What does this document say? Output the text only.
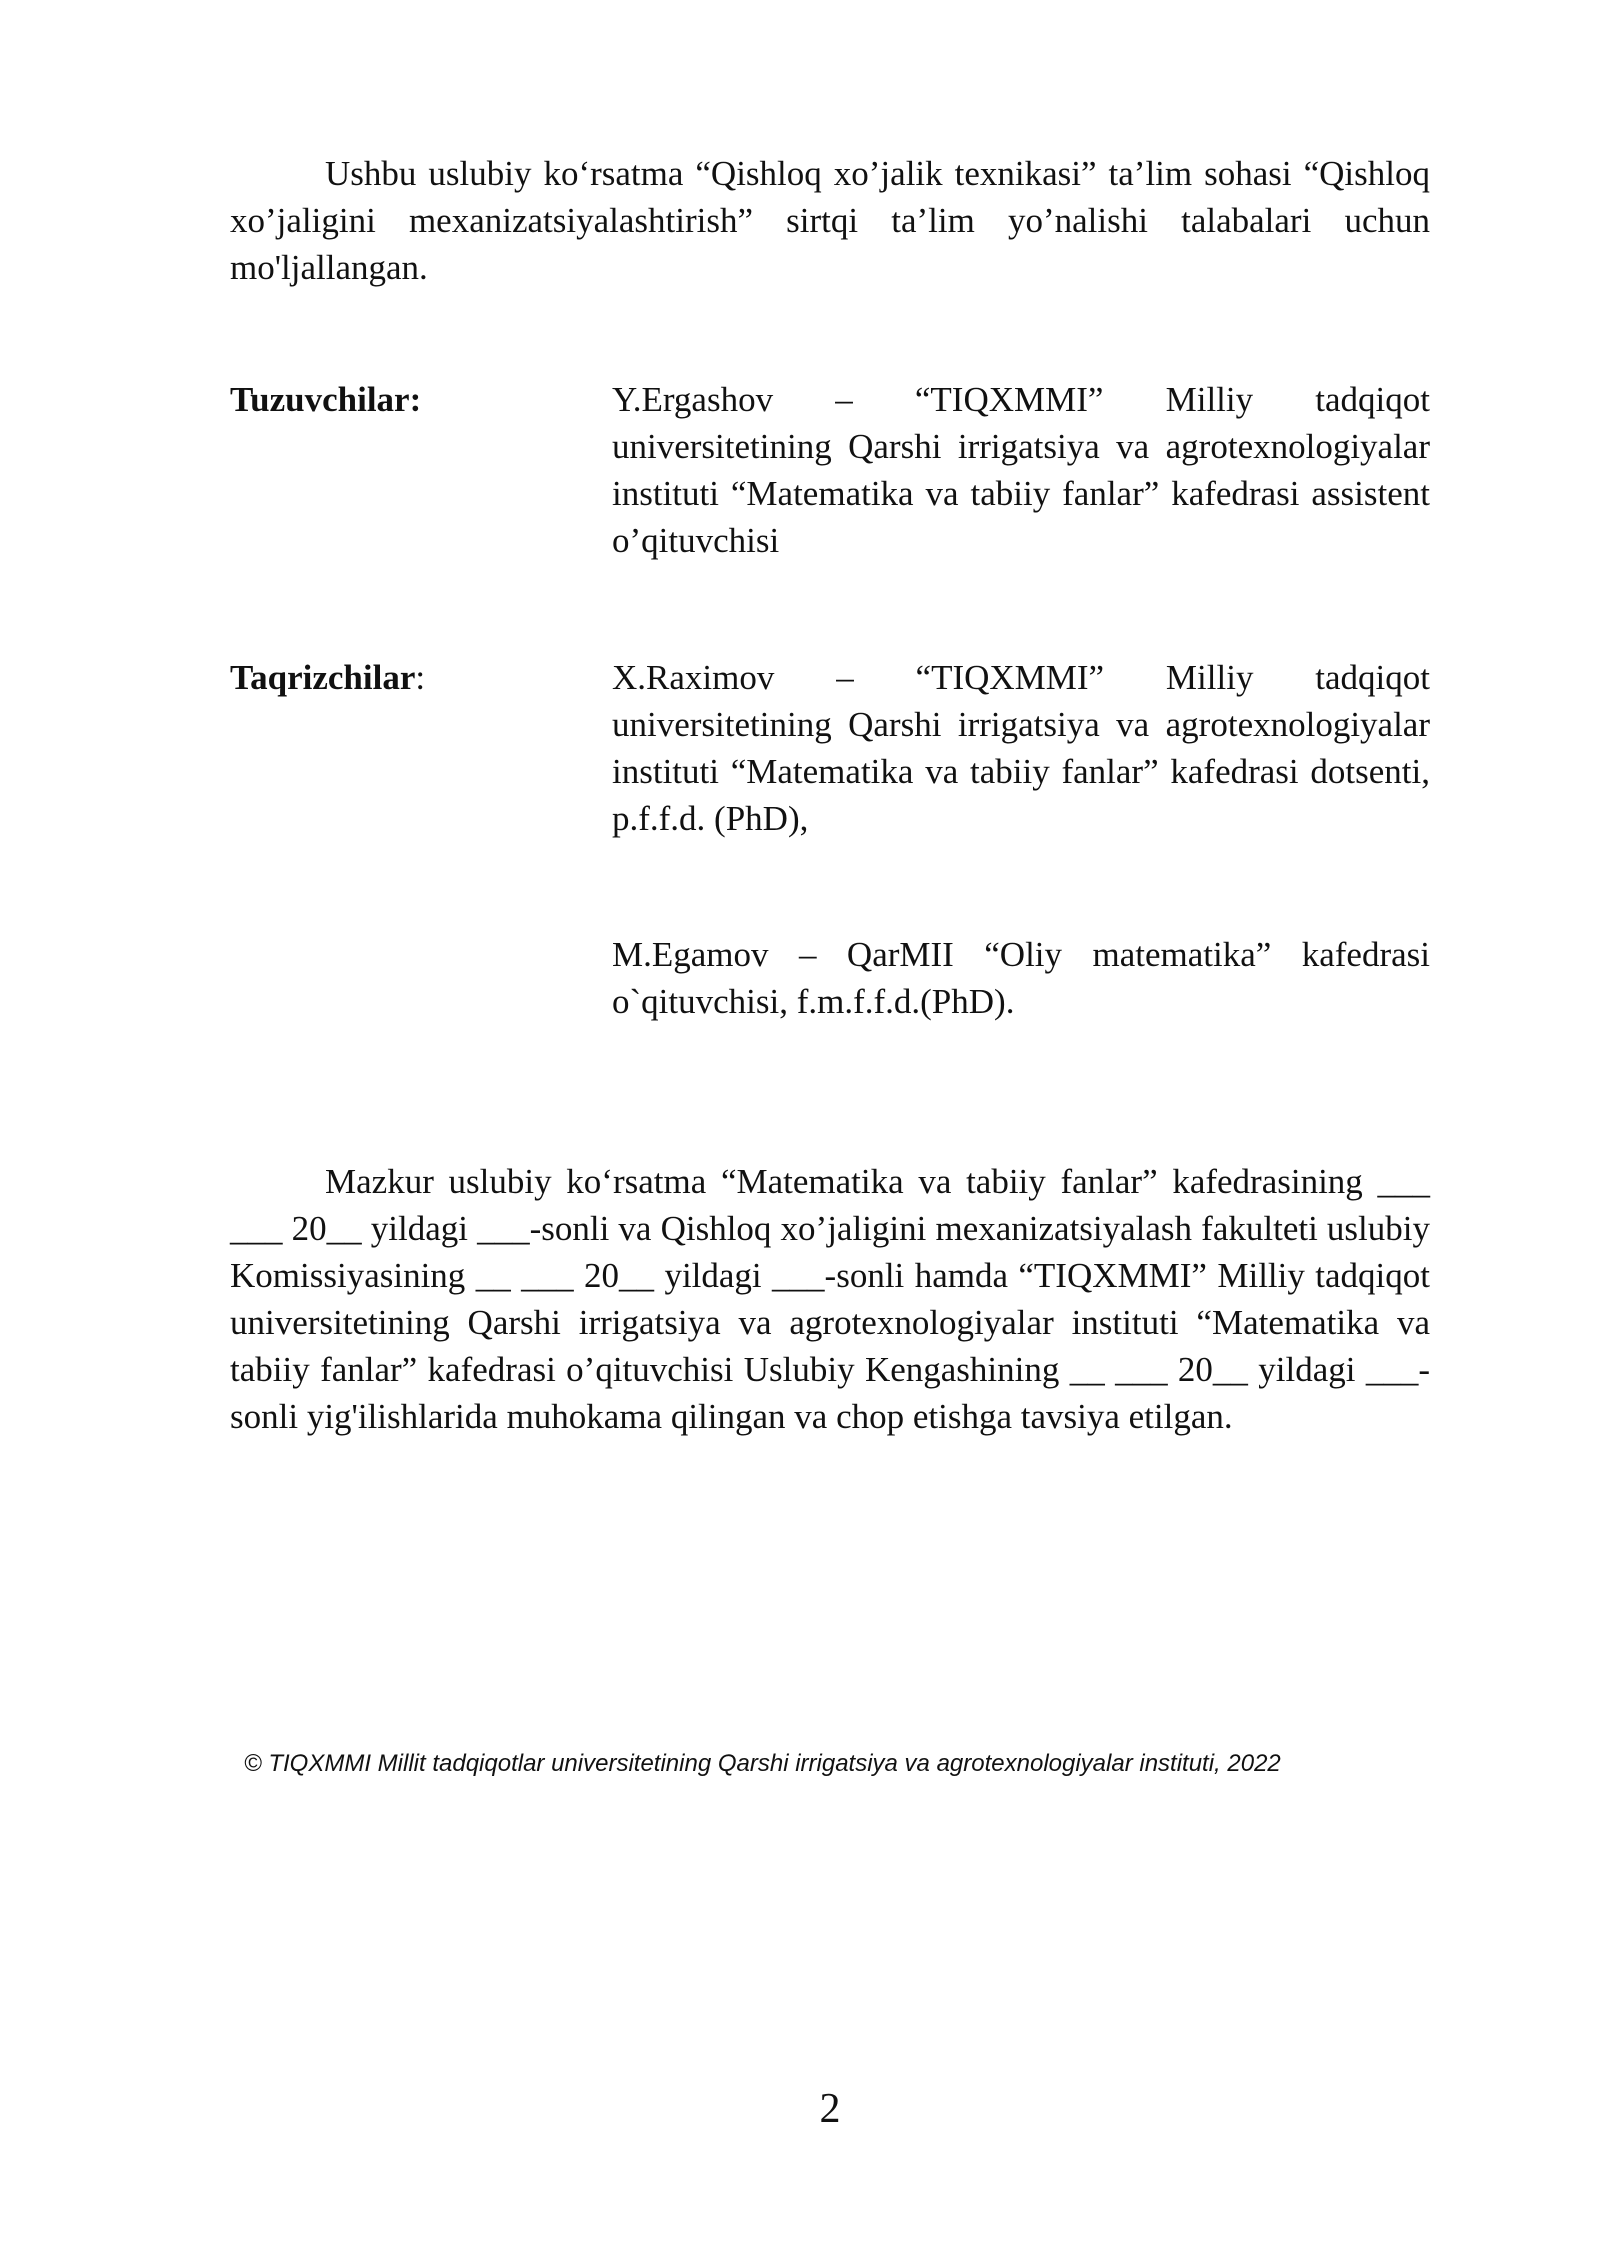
Ushbu uslubiy ko‘rsatma “Qishloq xo’jalik texnikasi” ta’lim sohasi “Qishloq xo’jaligini mexanizatsiyalashtirish” sirtqi ta’lim yo’nalishi talabalari uchun mo'ljallangan.

Tuzuvchilar:	Y.Ergashov – “TIQXMMI” Milliy tadqiqot universitetining Qarshi irrigatsiya va agrotexnologiyalar instituti “Matematika va tabiiy fanlar” kafedrasi assistent o’qituvchisi

Taqrizchilar:	X.Raximov – “TIQXMMI” Milliy tadqiqot universitetining Qarshi irrigatsiya va agrotexnologiyalar instituti “Matematika va tabiiy fanlar” kafedrasi dotsenti, p.f.f.d. (PhD),

M.Egamov – QarMII “Oliy matematika” kafedrasi o`qituvchisi, f.m.f.f.d.(PhD).

Mazkur uslubiy ko‘rsatma “Matematika va tabiiy fanlar” kafedrasining ___ ___ 20__ yildagi ___-sonli va Qishloq xo’jaligini mexanizatsiyalash fakulteti uslubiy Komissiyasining __ ___ 20__ yildagi ___-sonli hamda “TIQXMMI” Milliy tadqiqot universitetining Qarshi irrigatsiya va agrotexnologiyalar instituti “Matematika va tabiiy fanlar” kafedrasi o’qituvchisi Uslubiy Kengashining __ ___ 20__ yildagi ___-sonli yig'ilishlarida muhokama qilingan va chop etishga tavsiya etilgan.

© TIQXMMI Millit tadqiqotlar universitetining Qarshi irrigatsiya va agrotexnologiyalar instituti, 2022
2
